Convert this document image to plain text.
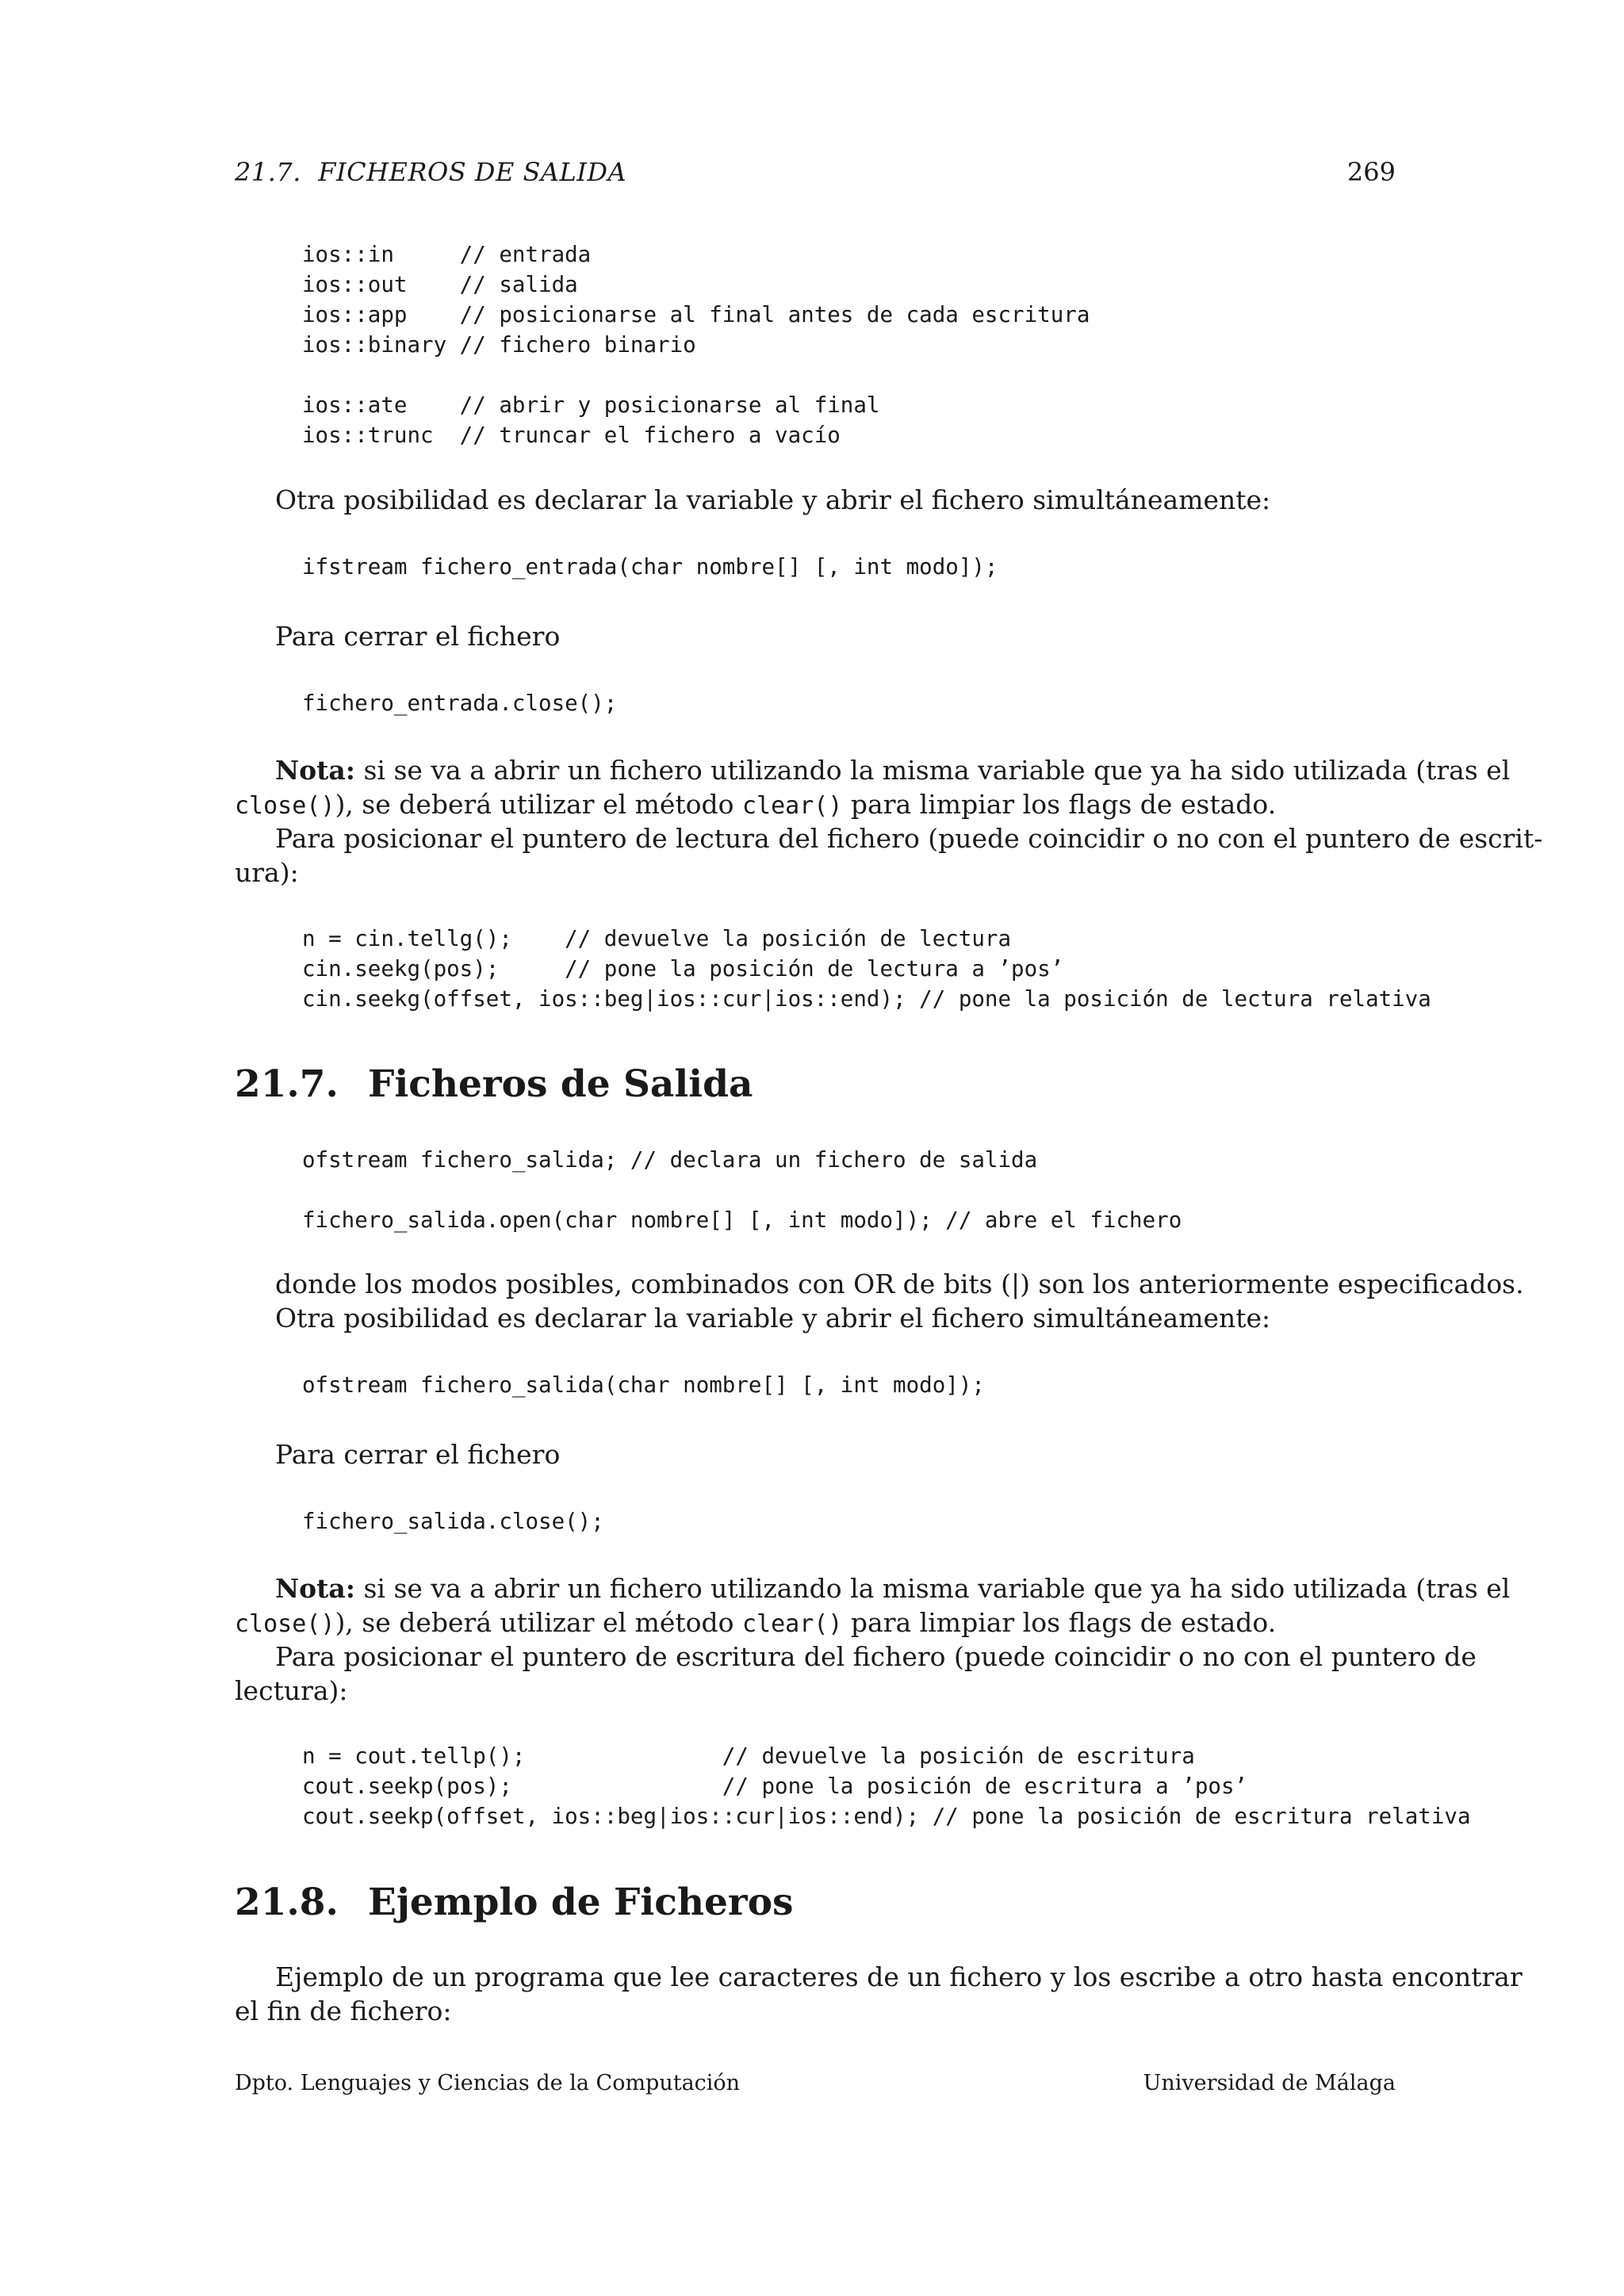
21.7.  FICHEROS DE SALIDA

	269

ios::in     // entrada
ios::out    // salida
ios::app    // posicionarse al final antes de cada escritura
ios::binary // fichero binario
ios::ate    // abrir y posicionarse al final
ios::trunc  // truncar el fichero a vacío
Otra posibilidad es declarar la variable y abrir el fichero simultáneamente:
ifstream fichero_entrada(char nombre[] [, int modo]);
Para cerrar el fichero
fichero_entrada.close();
Nota: si se va a abrir un fichero utilizando la misma variable que ya ha sido utilizada (tras el
close()), se deberá utilizar el método clear() para limpiar los flags de estado.
Para posicionar el puntero de lectura del fichero (puede coincidir o no con el puntero de escrit-
ura):
n = cin.tellg();    // devuelve la posición de lectura
cin.seekg(pos);     // pone la posición de lectura a ’pos’
cin.seekg(offset, ios::beg|ios::cur|ios::end); // pone la posición de lectura relativa
21.7. Ficheros de Salida
ofstream fichero_salida; // declara un fichero de salida
fichero_salida.open(char nombre[] [, int modo]); // abre el fichero
donde los modos posibles, combinados con OR de bits (|) son los anteriormente especificados.
Otra posibilidad es declarar la variable y abrir el fichero simultáneamente:
ofstream fichero_salida(char nombre[] [, int modo]);
Para cerrar el fichero
fichero_salida.close();
Nota: si se va a abrir un fichero utilizando la misma variable que ya ha sido utilizada (tras el
close()), se deberá utilizar el método clear() para limpiar los flags de estado.
Para posicionar el puntero de escritura del fichero (puede coincidir o no con el puntero de
lectura):
n = cout.tellp();               // devuelve la posición de escritura
cout.seekp(pos);                // pone la posición de escritura a ’pos’
cout.seekp(offset, ios::beg|ios::cur|ios::end); // pone la posición de escritura relativa
21.8. Ejemplo de Ficheros
Ejemplo de un programa que lee caracteres de un fichero y los escribe a otro hasta encontrar
el fin de fichero:
Dpto. Lenguajes y Ciencias de la Computación	Universidad de Málaga
